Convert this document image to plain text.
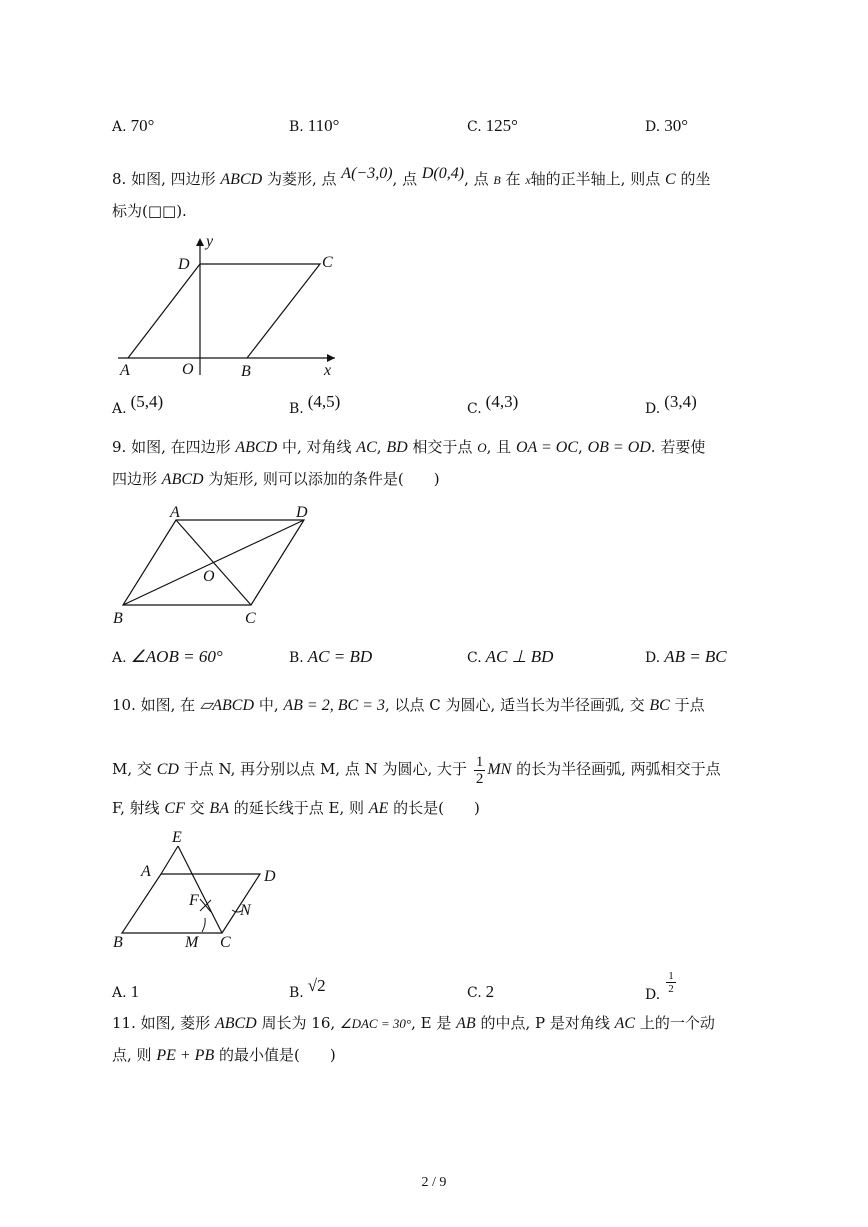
A. 70°	B. 110°	C. 125°	D. 30°
8. 如图, 四边形 ABCD 为菱形, 点 A(−3,0), 点 D(0,4), 点 B 在 x轴的正半轴上, 则点 C 的坐
标为(□□).
y
D	C
A	O	B	x
A. (5,4)	B. (4,5)	C. (4,3)	D. (3,4)
9. 如图, 在四边形 ABCD 中, 对角线 AC, BD 相交于点 O, 且 OA = OC, OB = OD. 若要使
四边形 ABCD 为矩形, 则可以添加的条件是(　　)
A	D
O
B	C
A. ∠AOB = 60°	B. AC = BD	C. AC ⊥ BD	D. AB = BC
10. 如图, 在 ▱ABCD 中, AB = 2, BC = 3, 以点 C 为圆心, 适当长为半径画弧, 交 BC 于点
M, 交 CD 于点 N, 再分别以点 M, 点 N 为圆心, 大于 $\frac{1}{2}$ MN 的长为半径画弧, 两弧相交于点
F, 射线 CF 交 BA 的延长线于点 E, 则 AE 的长是(　　)
E
A	D
F
N
B	M C
A. 1	B. √2	C. 2	D. $\frac{1}{2}$
11. 如图, 菱形 ABCD 周长为 16, ∠DAC = 30°, E 是 AB 的中点, P 是对角线 AC 上的一个动
点, 则 PE + PB 的最小值是(　　)
2 / 9
